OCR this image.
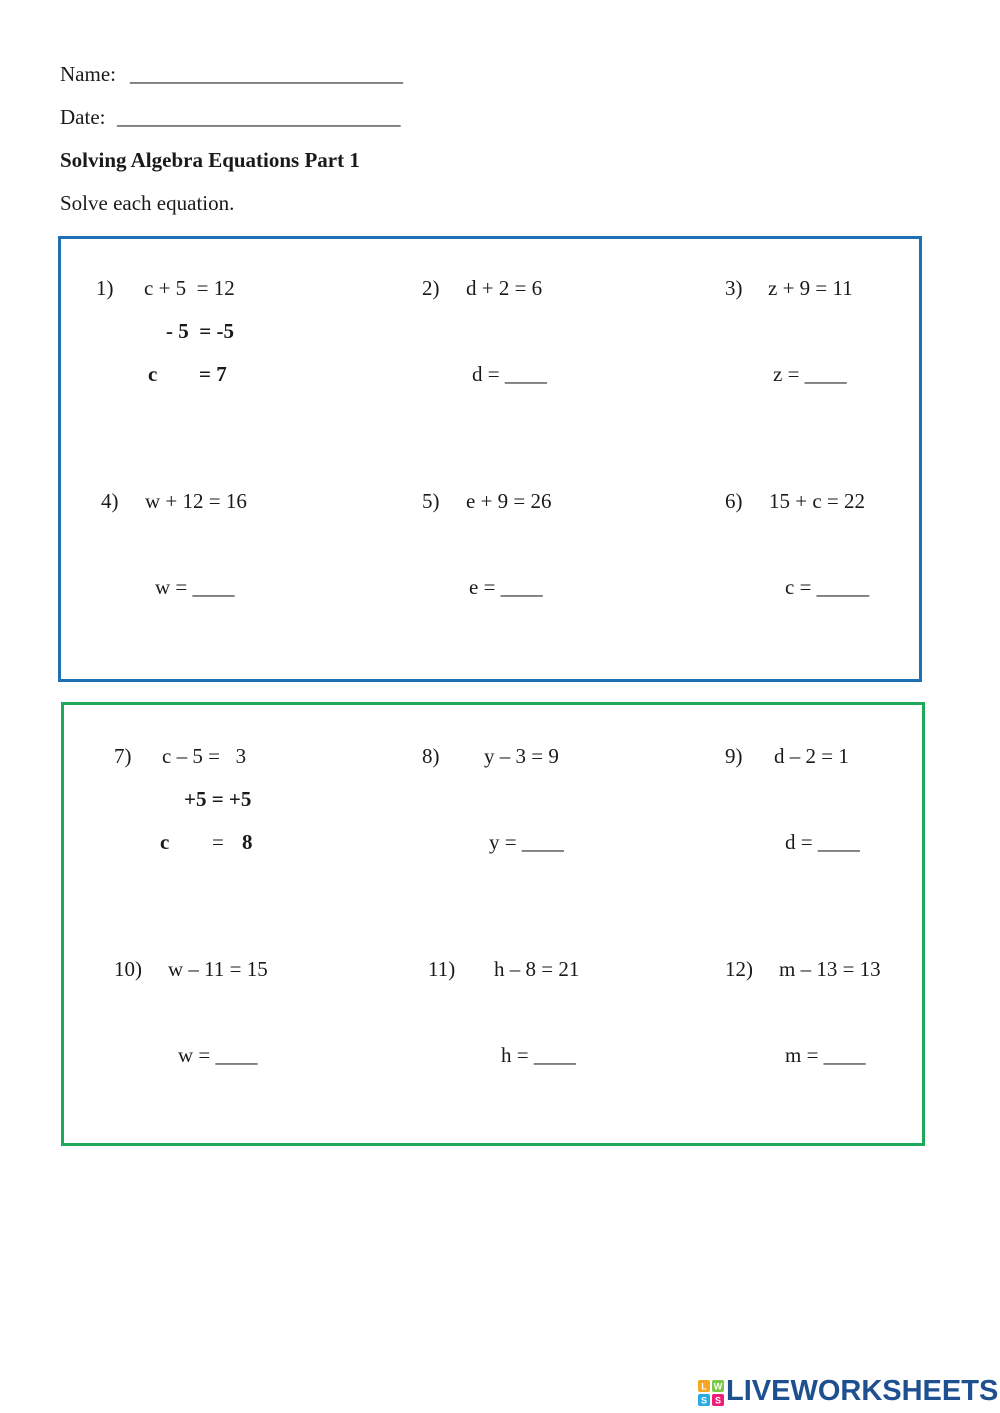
Name: __________________________
Date: ___________________________
Solving Algebra Equations Part 1
Solve each equation.
1) c + 5  = 12
- 5  = -5
c = 7
2) d + 2 = 6
d = ____
3) z + 9 = 11
z = ____
4) w + 12 = 16
w = ____
5) e + 9 = 26
e = ____
6) 15 + c = 22
c = _____
7) c – 5 =   3
+5 = +5
c = 8
8) y – 3 = 9
y = ____
9) d – 2 = 1
d = ____
10) w – 11 = 15
w = ____
11) h – 8 = 21
h = ____
12) m – 13 = 13
m = ____
L W
S S LIVEWORKSHEETS
